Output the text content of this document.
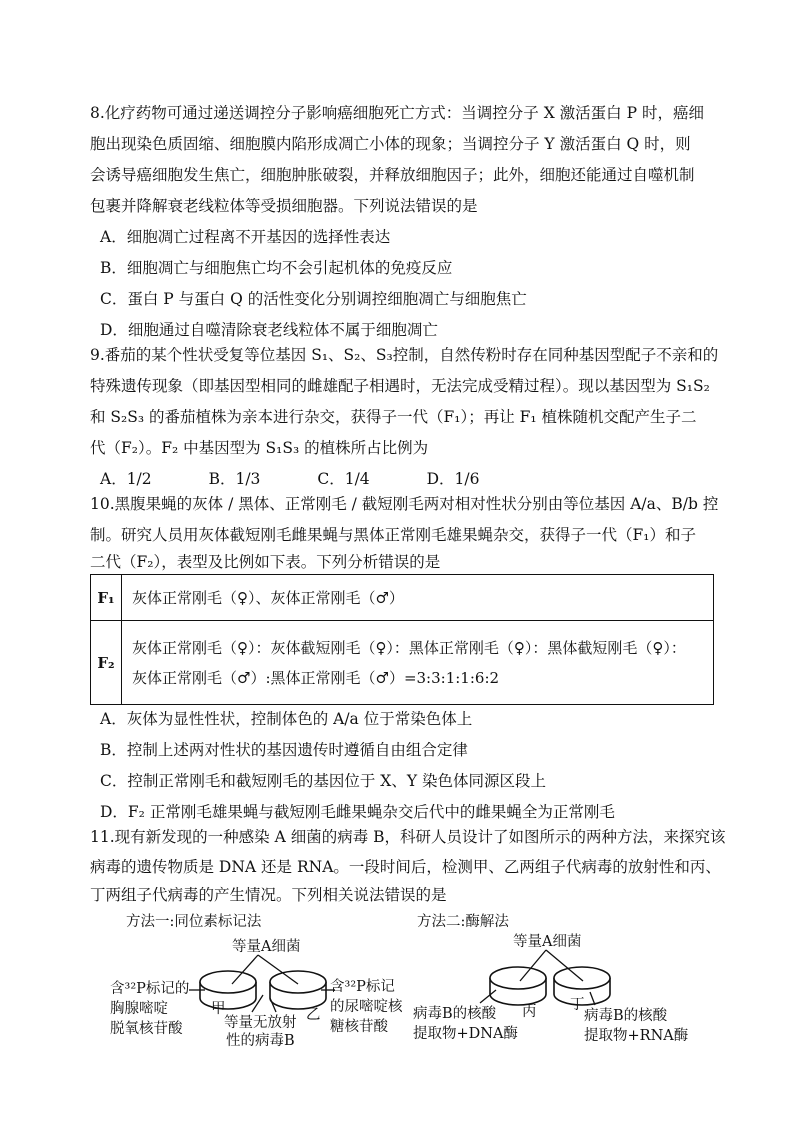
8.化疗药物可通过递送调控分子影响癌细胞死亡方式：当调控分子 X 激活蛋白 P 时，癌细
胞出现染色质固缩、细胞膜内陷形成凋亡小体的现象；当调控分子 Y 激活蛋白 Q 时，则
会诱导癌细胞发生焦亡，细胞肿胀破裂，并释放细胞因子；此外，细胞还能通过自噬机制
包裹并降解衰老线粒体等受损细胞器。下列说法错误的是
A．细胞凋亡过程离不开基因的选择性表达
B．细胞凋亡与细胞焦亡均不会引起机体的免疫反应
C．蛋白 P 与蛋白 Q 的活性变化分别调控细胞凋亡与细胞焦亡
D．细胞通过自噬清除衰老线粒体不属于细胞凋亡
9.番茄的某个性状受复等位基因 S₁、S₂、S₃控制，自然传粉时存在同种基因型配子不亲和的
特殊遗传现象（即基因型相同的雌雄配子相遇时，无法完成受精过程）。现以基因型为 S₁S₂
和 S₂S₃ 的番茄植株为亲本进行杂交，获得子一代（F₁）；再让 F₁ 植株随机交配产生子二
代（F₂）。F₂ 中基因型为 S₁S₃ 的植株所占比例为
A．1/2	B．1/3	C．1/4	D．1/6
10.黑腹果蝇的灰体 / 黑体、正常刚毛 / 截短刚毛两对相对性状分别由等位基因 A/a、B/b 控
制。研究人员用灰体截短刚毛雌果蝇与黑体正常刚毛雄果蝇杂交，获得子一代（F₁）和子
二代（F₂），表型及比例如下表。下列分析错误的是
F₁	灰体正常刚毛（♀）、灰体正常刚毛（♂）
F₂	灰体正常刚毛（♀）：灰体截短刚毛（♀）：黑体正常刚毛（♀）：黑体截短刚毛（♀）：
灰体正常刚毛（♂）:黑体正常刚毛（♂）=3:3:1:1:6:2
A．灰体为显性性状，控制体色的 A/a 位于常染色体上
B．控制上述两对性状的基因遗传时遵循自由组合定律
C．控制正常刚毛和截短刚毛的基因位于 X、Y 染色体同源区段上
D．F₂ 正常刚毛雄果蝇与截短刚毛雌果蝇杂交后代中的雌果蝇全为正常刚毛
11.现有新发现的一种感染 A 细菌的病毒 B，科研人员设计了如图所示的两种方法，来探究该
病毒的遗传物质是 DNA 还是 RNA。一段时间后，检测甲、乙两组子代病毒的放射性和丙、
丁两组子代病毒的产生情况。下列相关说法错误的是
方法一:同位素标记法	方法二:酶解法
等量A细菌	等量A细菌
含³²P标记的
胸腺嘧啶
脱氧核苷酸
含³²P标记
的尿嘧啶核
糖核苷酸
甲	乙
等量无放射
性的病毒B
丙 丁
病毒B的核酸
提取物+DNA酶
病毒B的核酸
提取物+RNA酶
